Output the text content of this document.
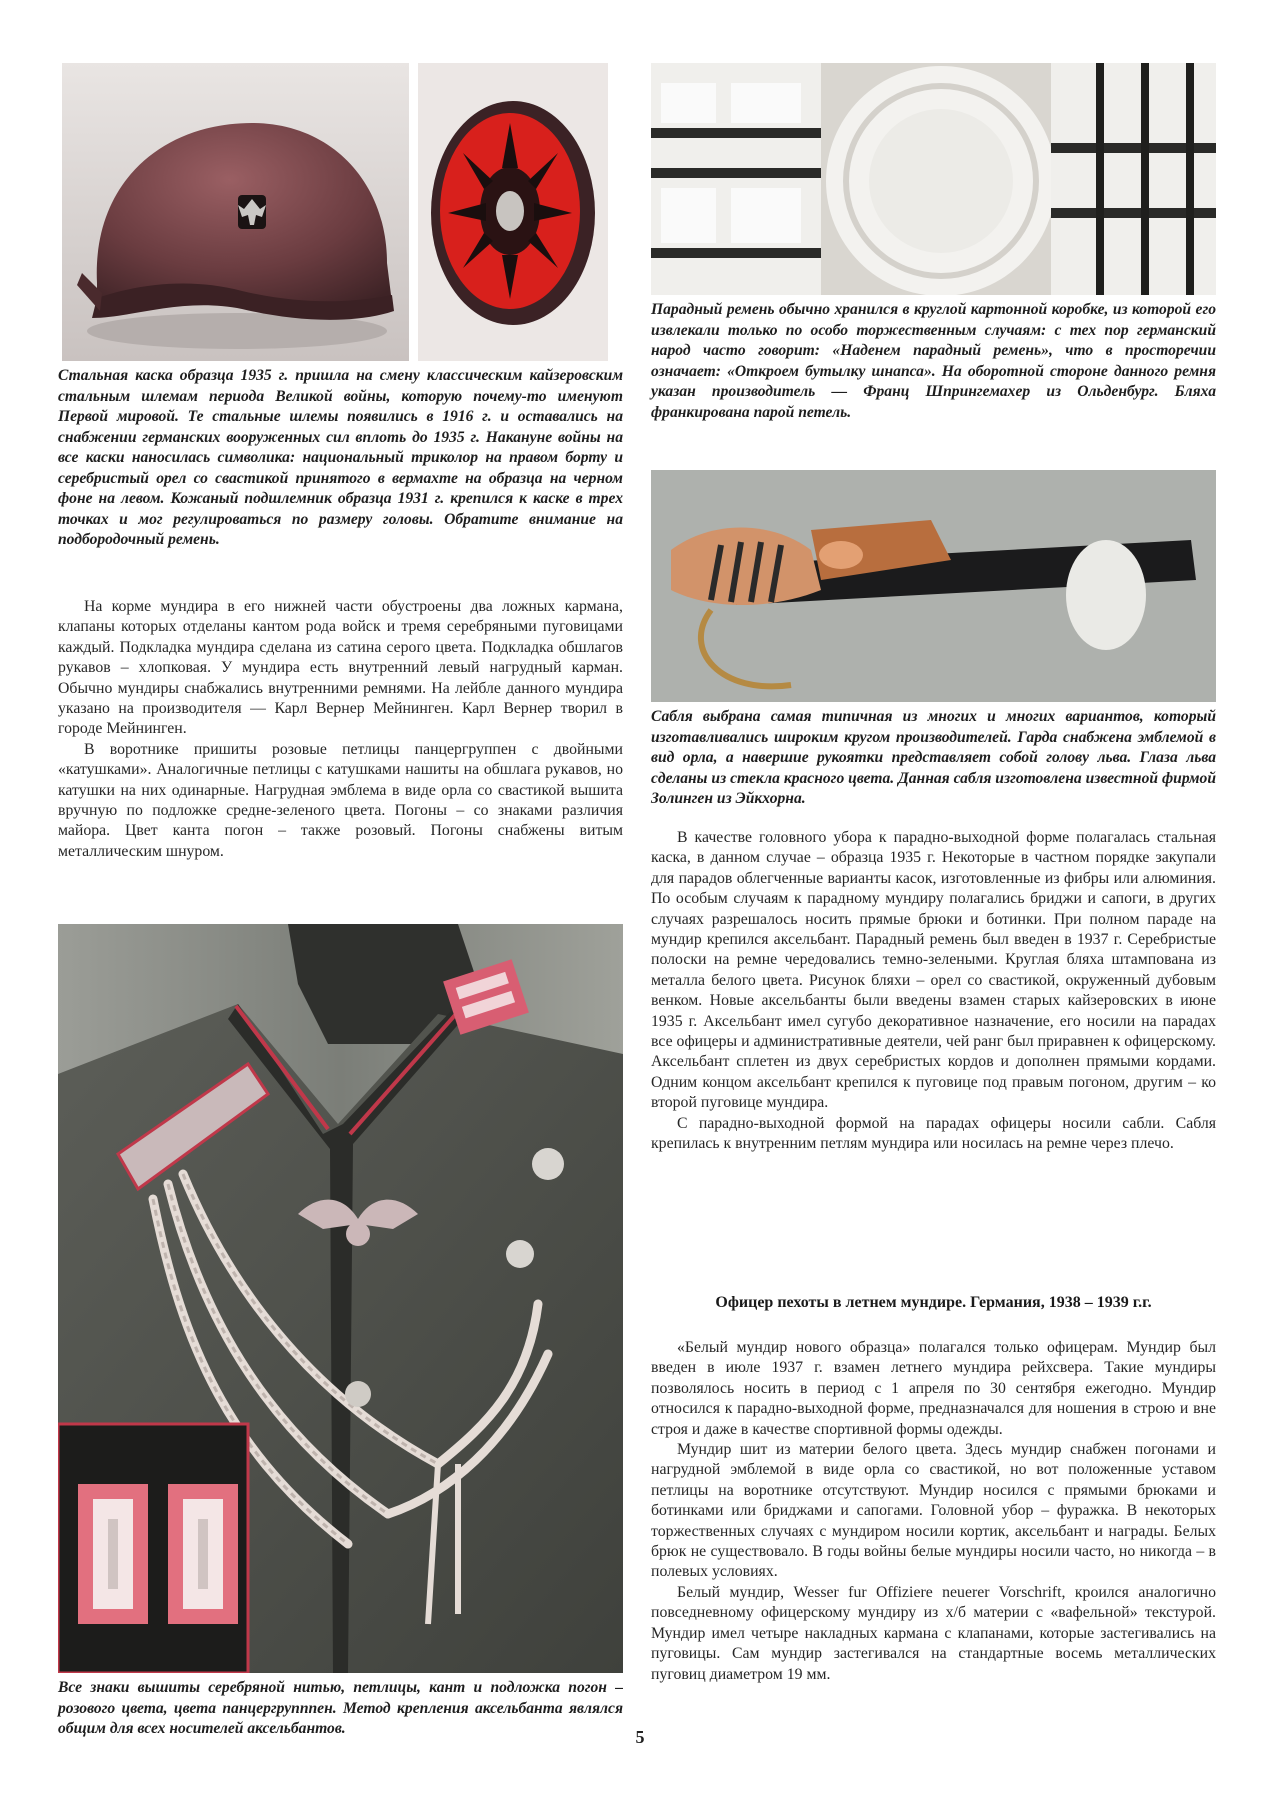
Стальная каска образца 1935 г. пришла на смену классическим кайзеровским стальным шлемам периода Великой войны, которую почему-то именуют Первой мировой. Те стальные шлемы появились в 1916 г. и оставались на снабжении германских вооруженных сил вплоть до 1935 г. Накануне войны на все каски наносилась символика: национальный триколор на правом борту и серебристый орел со свастикой принятого в вермахте на образца на черном фоне на левом. Кожаный подшлемник образца 1931 г. крепился к каске в трех точках и мог регулироваться по размеру головы. Обратите внимание на подбородочный ремень.

На корме мундира в его нижней части обустроены два ложных кармана, клапаны которых отделаны кантом рода войск и тремя серебряными пуговицами каждый. Подкладка мундира сделана из сатина серого цвета. Подкладка обшлагов рукавов – хлопковая. У мундира есть внутренний левый нагрудный карман. Обычно мундиры снабжались внутренними ремнями. На лейбле данного мундира указано на производителя — Карл Вернер Мейнинген. Карл Вернер творил в городе Мейнинген.

В воротнике пришиты розовые петлицы панцергруппен с двойными «катушками». Аналогичные петлицы с катушками нашиты на обшлага рукавов, но катушки на них одинарные. Нагрудная эмблема в виде орла со свастикой вышита вручную по подложке средне-зеленого цвета. Погоны – со знаками различия майора. Цвет канта погон – также розовый. Погоны снабжены витым металлическим шнуром.

Все знаки вышиты серебряной нитью, петлицы, кант и подложка погон – розового цвета, цвета панцергрупппен. Метод крепления аксельбанта являлся общим для всех носителей аксельбантов.

Парадный ремень обычно хранился в круглой картонной коробке, из которой его извлекали только по особо торжественным случаям: с тех пор германский народ часто говорит: «Наденем парадный ремень», что в просторечии означает: «Откроем бутылку шнапса». На оборотной стороне данного ремня указан производитель — Франц Шпрингемахер из Ольденбург. Бляха франкирована парой петель.

Сабля выбрана самая типичная из многих и многих вариантов, который изготавливались широким кругом производителей. Гарда снабжена эмблемой в вид орла, а навершие рукоятки представляет собой голову льва. Глаза льва сделаны из стекла красного цвета. Данная сабля изготовлена известной фирмой Золинген из Эйкхорна.

В качестве головного убора к парадно-выходной форме полагалась стальная каска, в данном случае – образца 1935 г. Некоторые в частном порядке закупали для парадов облегченные варианты касок, изготовленные из фибры или алюминия. По особым случаям к парадному мундиру полагались бриджи и сапоги, в других случаях разрешалось носить прямые брюки и ботинки. При полном параде на мундир крепился аксельбант. Парадный ремень был введен в 1937 г. Серебристые полоски на ремне чередовались темно-зелеными. Круглая бляха штампована из металла белого цвета. Рисунок бляхи – орел со свастикой, окруженный дубовым венком. Новые аксельбанты были введены взамен старых кайзеровских в июне 1935 г. Аксельбант имел сугубо декоративное назначение, его носили на парадах все офицеры и административные деятели, чей ранг был приравнен к офицерскому. Аксельбант сплетен из двух серебристых кордов и дополнен прямыми кордами. Одним концом аксельбант крепился к пуговице под правым погоном, другим – ко второй пуговице мундира.

С парадно-выходной формой на парадах офицеры носили сабли. Сабля крепилась к внутренним петлям мундира или носилась на ремне через плечо.

Офицер пехоты в летнем мундире. Германия, 1938 – 1939 г.г.

«Белый мундир нового образца» полагался только офицерам. Мундир был введен в июле 1937 г. взамен летнего мундира рейхсвера. Такие мундиры позволялось носить в период с 1 апреля по 30 сентября ежегодно. Мундир относился к парадно-выходной форме, предназначался для ношения в строю и вне строя и даже в качестве спортивной формы одежды.

Мундир шит из материи белого цвета. Здесь мундир снабжен погонами и нагрудной эмблемой в виде орла со свастикой, но вот положенные уставом петлицы на воротнике отсутствуют. Мундир носился с прямыми брюками и ботинками или бриджами и сапогами. Головной убор – фуражка. В некоторых торжественных случаях с мундиром носили кортик, аксельбант и награды. Белых брюк не существовало. В годы войны белые мундиры носили часто, но никогда – в полевых условиях.

Белый мундир, Wesser fur Offiziere neuerer Vorschrift, кроился аналогично повседневному офицерскому мундиру из х/б материи с «вафельной» текстурой. Мундир имел четыре накладных кармана с клапанами, которые застегивались на пуговицы. Сам мундир застегивался на стандартные восемь металлических пуговиц диаметром 19 мм.

5
